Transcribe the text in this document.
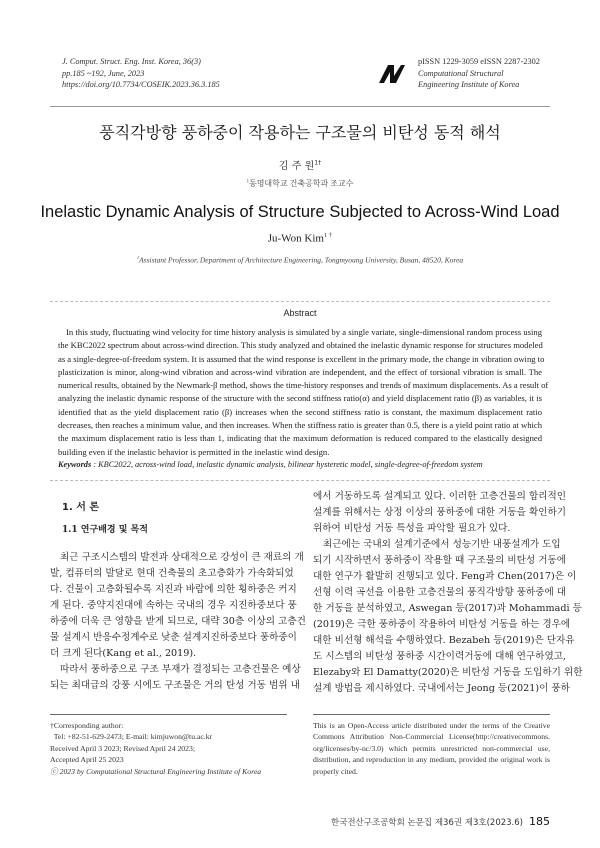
J. Comput. Struct. Eng. Inst. Korea, 36(3)
pp.185 ~192, June, 2023
https://doi.org/10.7734/COSEIK.2023.36.3.185
pISSN 1229-3059 eISSN 2287-2302
Computational Structural
Engineering Institute of Korea
풍직각방향 풍하중이 작용하는 구조물의 비탄성 동적 해석
김 주 원$^{1\dagger}$
$^1$동명대학교 건축공학과 조교수
Inelastic Dynamic Analysis of Structure Subjected to Across-Wind Load
Ju-Won Kim$^{1 \dagger}$
$^1$Assistant Professor, Department of Architecture Engineering, Tongmyoung University, Busan, 48520, Korea
Abstract
In this study, fluctuating wind velocity for time history analysis is simulated by a single variate, single-dimensional random process using
the KBC2022 spectrum about across-wind direction. This study analyzed and obtained the inelastic dynamic response for structures modeled
as a single-degree-of-freedom system. It is assumed that the wind response is excellent in the primary mode, the change in vibration owing to
plasticization is minor, along-wind vibration and across-wind vibration are independent, and the effect of torsional vibration is small. The
numerical results, obtained by the Newmark-β method, shows the time-history responses and trends of maximum displacements. As a result of
analyzing the inelastic dynamic response of the structure with the second stiffness ratio(α) and yield displacement ratio (β) as variables, it is
identified that as the yield displacement ratio (β) increases when the second stiffness ratio is constant, the maximum displacement ratio
decreases, then reaches a minimum value, and then increases. When the stiffness ratio is greater than 0.5, there is a yield point ratio at which
the maximum displacement ratio is less than 1, indicating that the maximum deformation is reduced compared to the elastically designed
building even if the inelastic behavior is permitted in the inelastic wind design.
Keywords : KBC2022, across-wind load, inelastic dynamic analysis, bilinear hysteretic model, single-degree-of-freedom system
1. 서 론
1.1 연구배경 및 목적
최근 구조시스템의 발전과 상대적으로 강성이 큰 재료의 개
발, 컴퓨터의 발달로 현대 건축물의 초고층화가 가속화되었
다. 건물이 고층화될수록 지진과 바람에 의한 횡하중은 커지
게 된다. 중약지진대에 속하는 국내의 경우 지진하중보다 풍
하중에 더욱 큰 영향을 받게 되므로, 대략 30층 이상의 고층건
물 설계시 반응수정계수로 낮춘 설계지진하중보다 풍하중이
더 크게 된다(Kang et al., 2019).
따라서 풍하중으로 구조 부재가 결정되는 고층건물은 예상
되는 최대급의 강풍 시에도 구조물은 거의 탄성 거동 범위 내
에서 거동하도록 설계되고 있다. 이러한 고층건물의 합리적인
설계를 위해서는 상정 이상의 풍하중에 대한 거동을 확인하기
위하여 비탄성 거동 특성을 파악할 필요가 있다.
최근에는 국내외 설계기준에서 성능기반 내풍설계가 도입
되기 시작하면서 풍하중이 작용할 때 구조물의 비탄성 거동에
대한 연구가 활발히 진행되고 있다. Feng과 Chen(2017)은 이
선형 이력 곡선을 이용한 고층건물의 풍직각방향 풍하중에 대
한 거동을 분석하였고, Aswegan 등(2017)과 Mohammadi 등
(2019)은 극한 풍하중이 작용하여 비탄성 거동을 하는 경우에
대한 비선형 해석을 수행하였다. Bezabeh 등(2019)은 단자유
도 시스템의 비탄성 풍하중 시간이력거동에 대해 연구하였고,
Elezaby와 El Damatty(2020)은 비탄성 거동을 도입하기 위한
설계 방법을 제시하였다. 국내에서는 Jeong 등(2021)이 풍하
†Corresponding author:
Tel: +82-51-629-2473; E-mail: kimjuwon@tu.ac.kr
Received April 3 2023; Revised April 24 2023;
Accepted April 25 2023
ⓒ 2023 by Computational Structural Engineering Institute of Korea
This is an Open-Access article distributed under the terms of the Creative
Commons Attribution Non-Commercial License(http://creativecommons.
org/licenses/by-nc/3.0) which permits unrestricted non-commercial use,
distribution, and reproduction in any medium, provided the original work is
properly cited.
한국전산구조공학회 논문집 제36권 제3호(2023.6) 185
